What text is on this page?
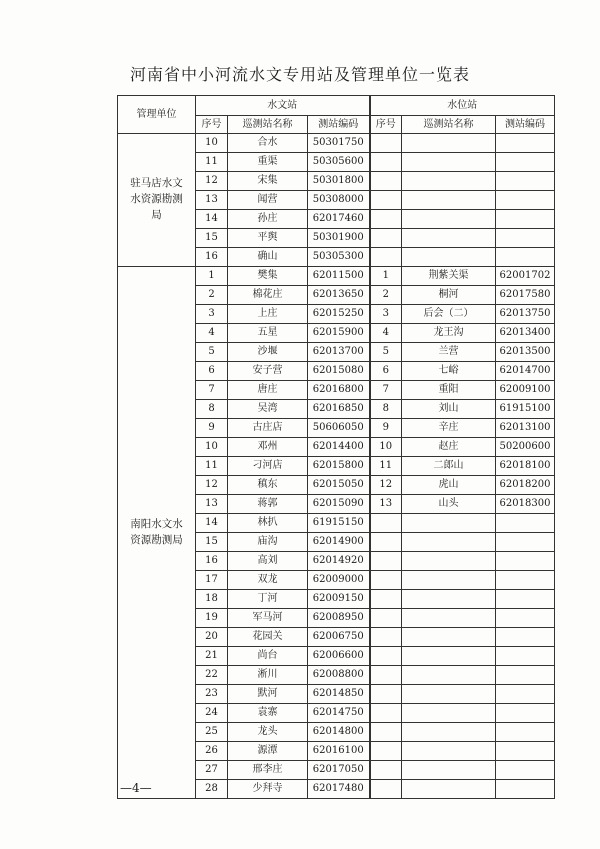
河南省中小河流水文专用站及管理单位一览表
管理单位	水文站			水位站		
	序号	巡测站名称	测站编码	序号	巡测站名称	测站编码
驻马店水文水资源勘测局	10	合水	50301750			
	11	重渠	50305600			
	12	宋集	50301800			
	13	闻营	50308000			
	14	孙庄	62017460			
	15	平舆	50301900			
	16	确山	50305300			
南阳水文水资源勘测局	1	樊集	62011500	1	荆紫关渠	62001702
	2	棉花庄	62013650	2	桐河	62017580
	3	上庄	62015250	3	后会（二）	62013750
	4	五星	62015900	4	龙王沟	62013400
	5	沙堰	62013700	5	兰营	62013500
	6	安子营	62015080	6	七峪	62014700
	7	唐庄	62016800	7	重阳	62009100
	8	吴湾	62016850	8	刘山	61915100
	9	古庄店	50606050	9	辛庄	62013100
	10	邓州	62014400	10	赵庄	50200600
	11	刁河店	62015800	11	二郎山	62018100
	12	稹东	62015050	12	虎山	62018200
	13	蒋郭	62015090	13	山头	62018300
	14	林扒	61915150			
	15	庙沟	62014900			
	16	高刘	62014920			
	17	双龙	62009000			
	18	丁河	62009150			
	19	军马河	62008950			
	20	花园关	62006750			
	21	尚台	62006600			
	22	淅川	62008800			
	23	默河	62014850			
	24	袁寨	62014750			
	25	龙头	62014800			
	26	源潭	62016100			
	27	邢李庄	62017050			
	28	少拜寺	62017480			
—4—
